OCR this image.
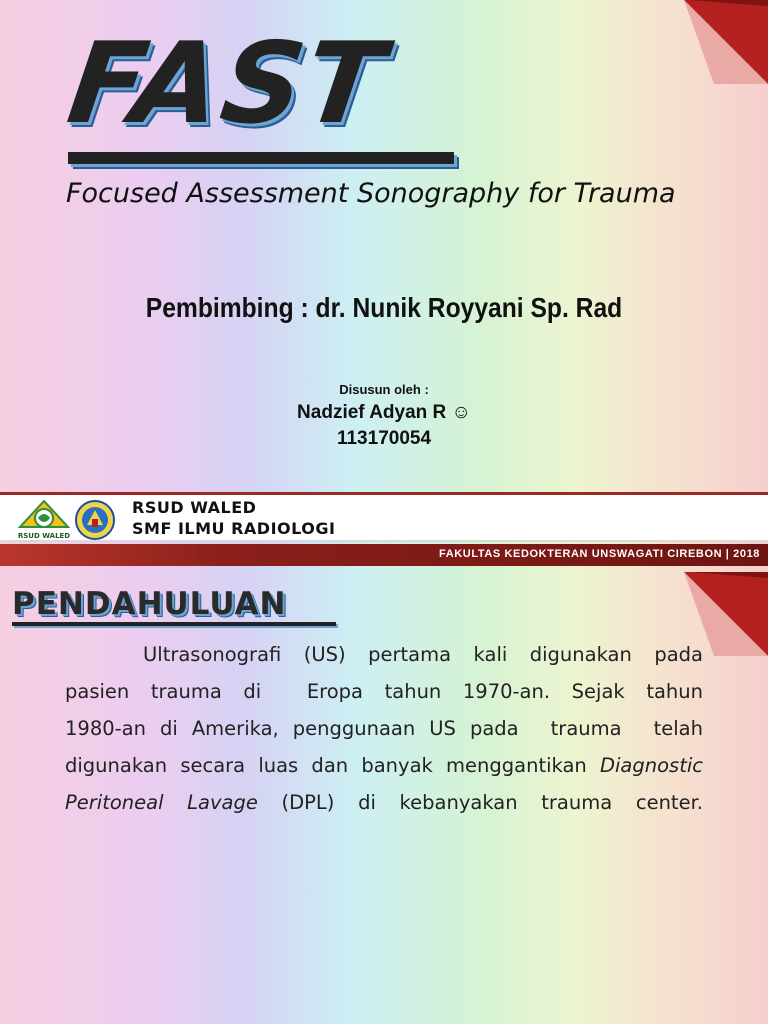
FAST
Focused Assessment Sonography for Trauma
Pembimbing : dr. Nunik Royyani Sp. Rad
Disusun oleh :
Nadzief Adyan R ☺
113170054
RSUD WALED
RSUD WALED
SMF ILMU RADIOLOGI
FAKULTAS KEDOKTERAN UNSWAGATI CIREBON | 2018
PENDAHULUAN
Ultrasonografi (US) pertama kali digunakan pada
pasien trauma di Eropa tahun 1970-an. Sejak tahun
1980-an di Amerika, penggunaan US pada trauma telah
digunakan secara luas dan banyak menggantikan Diagnostic
Peritoneal Lavage (DPL) di kebanyakan trauma center.
